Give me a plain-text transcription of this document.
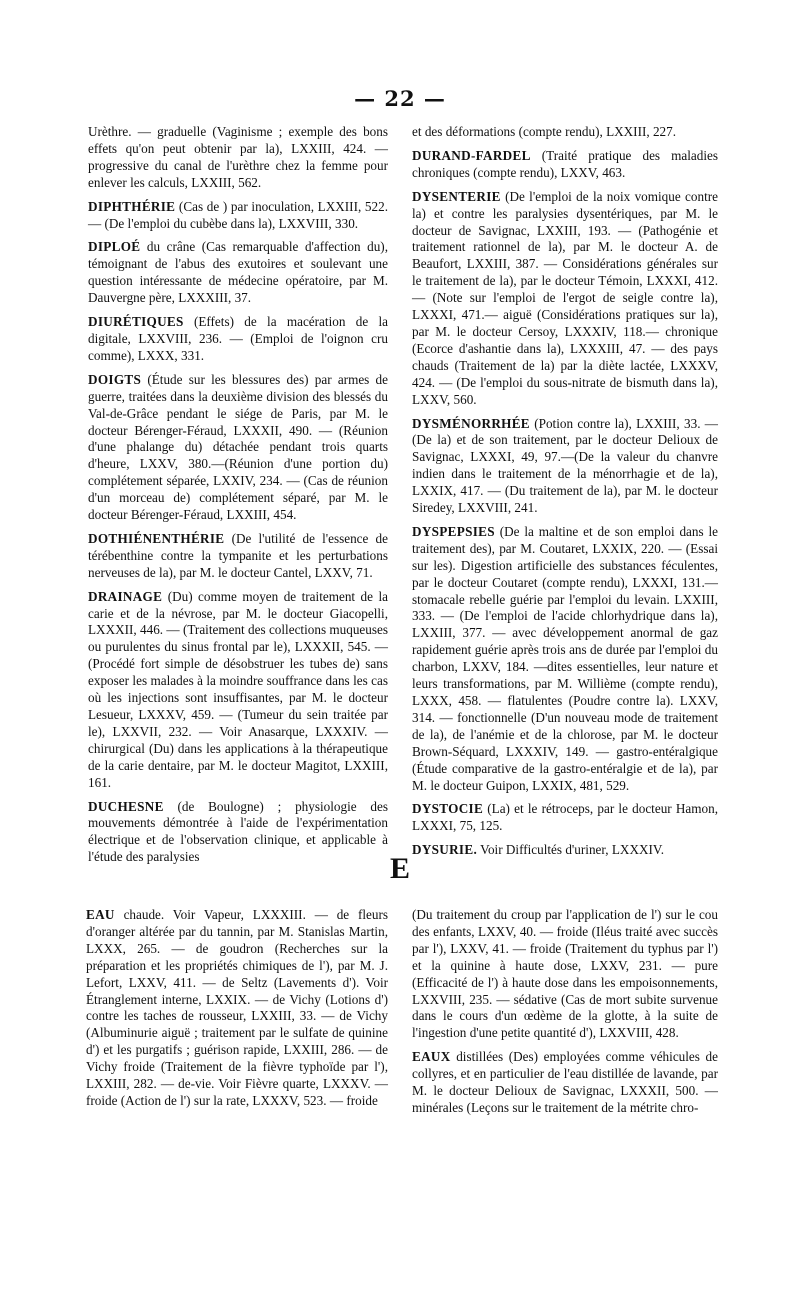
— 22 —

Urèthre. — graduelle (Vaginisme ; exemple des bons effets qu'on peut obtenir par la), LXXIII, 424. — progressive du canal de l'urèthre chez la femme pour enlever les calculs, LXXIII, 562.

DIPHTHÉRIE (Cas de ) par inoculation, LXXIII, 522. — (De l'emploi du cubèbe dans la), LXXVIII, 330.

DIPLOÉ du crâne (Cas remarquable d'affection du), témoignant de l'abus des exutoires et soulevant une question intéressante de médecine opératoire, par M. Dauvergne père, LXXXIII, 37.

DIURÉTIQUES (Effets) de la macération de la digitale, LXXVIII, 236. — (Emploi de l'oignon cru comme), LXXX, 331.

DOIGTS (Étude sur les blessures des) par armes de guerre, traitées dans la deuxième division des blessés du Val-de-Grâce pendant le siége de Paris, par M. le docteur Bérenger-Féraud, LXXXII, 490. — (Réunion d'une phalange du) détachée pendant trois quarts d'heure, LXXV, 380.—(Réunion d'une portion du) complétement séparée, LXXIV, 234. — (Cas de réunion d'un morceau de) complétement séparé, par M. le docteur Bérenger-Féraud, LXXIII, 454.

DOTHIÉNENTHÉRIE (De l'utilité de l'essence de térébenthine contre la tympanite et les perturbations nerveuses de la), par M. le docteur Cantel, LXXV, 71.

DRAINAGE (Du) comme moyen de traitement de la carie et de la névrose, par M. le docteur Giacopelli, LXXXII, 446. — (Traitement des collections muqueuses ou purulentes du sinus frontal par le), LXXXII, 545. —(Procédé fort simple de désobstruer les tubes de) sans exposer les malades à la moindre souffrance dans les cas où les injections sont insuffisantes, par M. le docteur Lesueur, LXXXV, 459. — (Tumeur du sein traitée par le), LXXVII, 232. — Voir Anasarque, LXXXIV. — chirurgical (Du) dans les applications à la thérapeutique de la carie dentaire, par M. le docteur Magitot, LXXIII, 161.

DUCHESNE (de Boulogne) ; physiologie des mouvements démontrée à l'aide de l'expérimentation électrique et de l'observation clinique, et applicable à l'étude des paralysies

et des déformations (compte rendu), LXXIII, 227.

DURAND-FARDEL (Traité pratique des maladies chroniques (compte rendu), LXXV, 463.

DYSENTERIE (De l'emploi de la noix vomique contre la) et contre les paralysies dysentériques, par M. le docteur de Savignac, LXXIII, 193. — (Pathogénie et traitement rationnel de la), par M. le docteur A. de Beaufort, LXXIII, 387. — Considérations générales sur le traitement de la), par le docteur Témoin, LXXXI, 412. — (Note sur l'emploi de l'ergot de seigle contre la), LXXXI, 471.— aiguë (Considérations pratiques sur la), par M. le docteur Cersoy, LXXXIV, 118.— chronique (Ecorce d'ashantie dans la), LXXXIII, 47. — des pays chauds (Traitement de la) par la diète lactée, LXXXV, 424. — (De l'emploi du sous-nitrate de bismuth dans la), LXXV, 560.

DYSMÉNORRHÉE (Potion contre la), LXXIII, 33. — (De la) et de son traitement, par le docteur Delioux de Savignac, LXXXI, 49, 97.—(De la valeur du chanvre indien dans le traitement de la ménorrhagie et de la), LXXIX, 417. — (Du traitement de la), par M. le docteur Siredey, LXXVIII, 241.

DYSPEPSIES (De la maltine et de son emploi dans le traitement des), par M. Coutaret, LXXIX, 220. — (Essai sur les). Digestion artificielle des substances féculentes, par le docteur Coutaret (compte rendu), LXXXI, 131.— stomacale rebelle guérie par l'emploi du levain. LXXIII, 333. — (De l'emploi de l'acide chlorhydrique dans la), LXXIII, 377. — avec développement anormal de gaz rapidement guérie après trois ans de durée par l'emploi du charbon, LXXV, 184. —dites essentielles, leur nature et leurs transformations, par M. Willième (compte rendu), LXXX, 458. — flatulentes (Poudre contre la). LXXV, 314. — fonctionnelle (D'un nouveau mode de traitement de la), de l'anémie et de la chlorose, par M. le docteur Brown-Séquard, LXXXIV, 149. — gastro-entéralgique (Étude comparative de la gastro-entéralgie et de la), par M. le docteur Guipon, LXXIX, 481, 529.

DYSTOCIE (La) et le rétroceps, par le docteur Hamon, LXXXI, 75, 125.

DYSURIE. Voir Difficultés d'uriner, LXXXIV.

E

EAU chaude. Voir Vapeur, LXXXIII. — de fleurs d'oranger altérée par du tannin, par M. Stanislas Martin, LXXX, 265. — de goudron (Recherches sur la préparation et les propriétés chimiques de l'), par M. J. Lefort, LXXV, 411. — de Seltz (Lavements d'). Voir Étranglement interne, LXXIX. — de Vichy (Lotions d') contre les taches de rousseur, LXXIII, 33. — de Vichy (Albuminurie aiguë ; traitement par le sulfate de quinine d') et les purgatifs ; guérison rapide, LXXIII, 286. — de Vichy froide (Traitement de la fièvre typhoïde par l'), LXXIII, 282. — de-vie. Voir Fièvre quarte, LXXXV. — froide (Action de l') sur la rate, LXXXV, 523. — froide

(Du traitement du croup par l'application de l') sur le cou des enfants, LXXV, 40. — froide (Iléus traité avec succès par l'), LXXV, 41. — froide (Traitement du typhus par l') et la quinine à haute dose, LXXV, 231. — pure (Efficacité de l') à haute dose dans les empoisonnements, LXXVIII, 235. — sédative (Cas de mort subite survenue dans le cours d'un œdème de la glotte, à la suite de l'ingestion d'une petite quantité d'), LXXVIII, 428.

EAUX distillées (Des) employées comme véhicules de collyres, et en particulier de l'eau distillée de lavande, par M. le docteur Delioux de Savignac, LXXXII, 500. — minérales (Leçons sur le traitement de la métrite chro-
